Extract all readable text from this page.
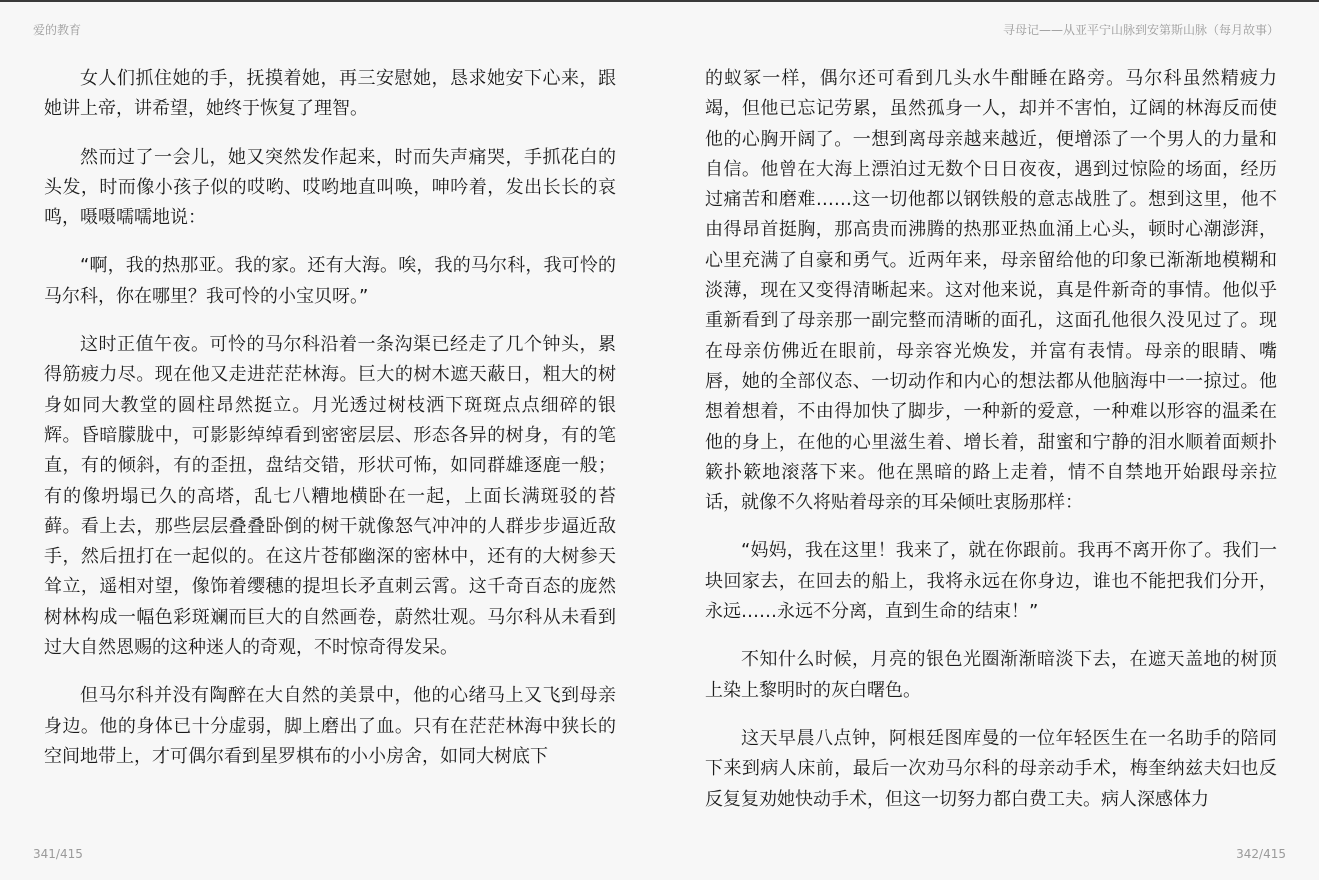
爱的教育	寻母记——从亚平宁山脉到安第斯山脉（每月故事）

女人们抓住她的手，抚摸着她，再三安慰她，恳求她安下心来，跟她讲上帝，讲希望，她终于恢复了理智。

然而过了一会儿，她又突然发作起来，时而失声痛哭，手抓花白的头发，时而像小孩子似的哎哟、哎哟地直叫唤，呻吟着，发出长长的哀鸣，嗫嗫嚅嚅地说：

“啊，我的热那亚。我的家。还有大海。唉，我的马尔科，我可怜的马尔科，你在哪里？我可怜的小宝贝呀。”

这时正值午夜。可怜的马尔科沿着一条沟渠已经走了几个钟头，累得筋疲力尽。现在他又走进茫茫林海。巨大的树木遮天蔽日，粗大的树身如同大教堂的圆柱昂然挺立。月光透过树枝洒下斑斑点点细碎的银辉。昏暗朦胧中，可影影绰绰看到密密层层、形态各异的树身，有的笔直，有的倾斜，有的歪扭，盘结交错，形状可怖，如同群雄逐鹿一般；有的像坍塌已久的高塔，乱七八糟地横卧在一起，上面长满斑驳的苔藓。看上去，那些层层叠叠卧倒的树干就像怒气冲冲的人群步步逼近敌手，然后扭打在一起似的。在这片苍郁幽深的密林中，还有的大树参天耸立，遥相对望，像饰着缨穗的提坦长矛直刺云霄。这千奇百态的庞然树林构成一幅色彩斑斓而巨大的自然画卷，蔚然壮观。马尔科从未看到过大自然恩赐的这种迷人的奇观，不时惊奇得发呆。

但马尔科并没有陶醉在大自然的美景中，他的心绪马上又飞到母亲身边。他的身体已十分虚弱，脚上磨出了血。只有在茫茫林海中狭长的空间地带上，才可偶尔看到星罗棋布的小小房舍，如同大树底下

的蚁冢一样，偶尔还可看到几头水牛酣睡在路旁。马尔科虽然精疲力竭，但他已忘记劳累，虽然孤身一人，却并不害怕，辽阔的林海反而使他的心胸开阔了。一想到离母亲越来越近，便增添了一个男人的力量和自信。他曾在大海上漂泊过无数个日日夜夜，遇到过惊险的场面，经历过痛苦和磨难……这一切他都以钢铁般的意志战胜了。想到这里，他不由得昂首挺胸，那高贵而沸腾的热那亚热血涌上心头，顿时心潮澎湃，心里充满了自豪和勇气。近两年来，母亲留给他的印象已渐渐地模糊和淡薄，现在又变得清晰起来。这对他来说，真是件新奇的事情。他似乎重新看到了母亲那一副完整而清晰的面孔，这面孔他很久没见过了。现在母亲仿佛近在眼前，母亲容光焕发，并富有表情。母亲的眼睛、嘴唇，她的全部仪态、一切动作和内心的想法都从他脑海中一一掠过。他想着想着，不由得加快了脚步，一种新的爱意，一种难以形容的温柔在他的身上，在他的心里滋生着、增长着，甜蜜和宁静的泪水顺着面颊扑簌扑簌地滚落下来。他在黑暗的路上走着，情不自禁地开始跟母亲拉话，就像不久将贴着母亲的耳朵倾吐衷肠那样：

“妈妈，我在这里！我来了，就在你跟前。我再不离开你了。我们一块回家去，在回去的船上，我将永远在你身边，谁也不能把我们分开，永远……永远不分离，直到生命的结束！”

不知什么时候，月亮的银色光圈渐渐暗淡下去，在遮天盖地的树顶上染上黎明时的灰白曙色。

这天早晨八点钟，阿根廷图库曼的一位年轻医生在一名助手的陪同下来到病人床前，最后一次劝马尔科的母亲动手术，梅奎纳兹夫妇也反反复复劝她快动手术，但这一切努力都白费工夫。病人深感体力

341/415	342/415
